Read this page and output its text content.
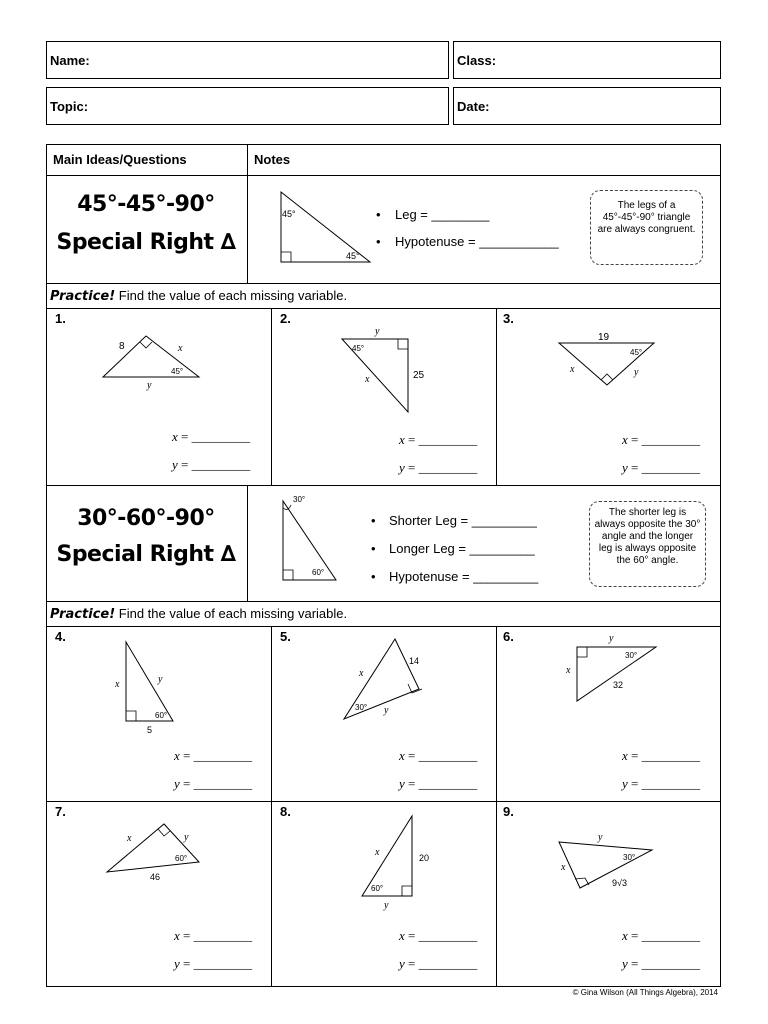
Name:	Class:
Topic:	Date:
Main Ideas/Questions	Notes
45°-45°-90°
Special Right ∆
45°
45°
• Leg = ________
• Hypotenuse = ___________
The legs of a 45°-45°-90° triangle are always congruent.
Practice! Find the value of each missing variable.
1.
8	x
y
45°
x = _________
y = _________
2.
y
45°
x	25
x = _________
y = _________
3.
19
45°
x	y
x = _________
y = _________
30°-60°-90°
Special Right ∆
30°
60°
• Shorter Leg = _________
• Longer Leg = _________
• Hypotenuse = _________
The shorter leg is always opposite the 30° angle and the longer leg is always opposite the 60° angle.
Practice! Find the value of each missing variable.
4.
x	y
60°
5
x = _________
y = _________
5.
x
14
30° y
x = _________
y = _________
6.	y
30°
x
32
x = _________
y = _________
7.
x	y
60°
46
x = _________
y = _________
8.
x	20
60°
y
x = _________
y = _________
9.
y
x
30°
9√3
x = _________
y = _________
© Gina Wilson (All Things Algebra), 2014
